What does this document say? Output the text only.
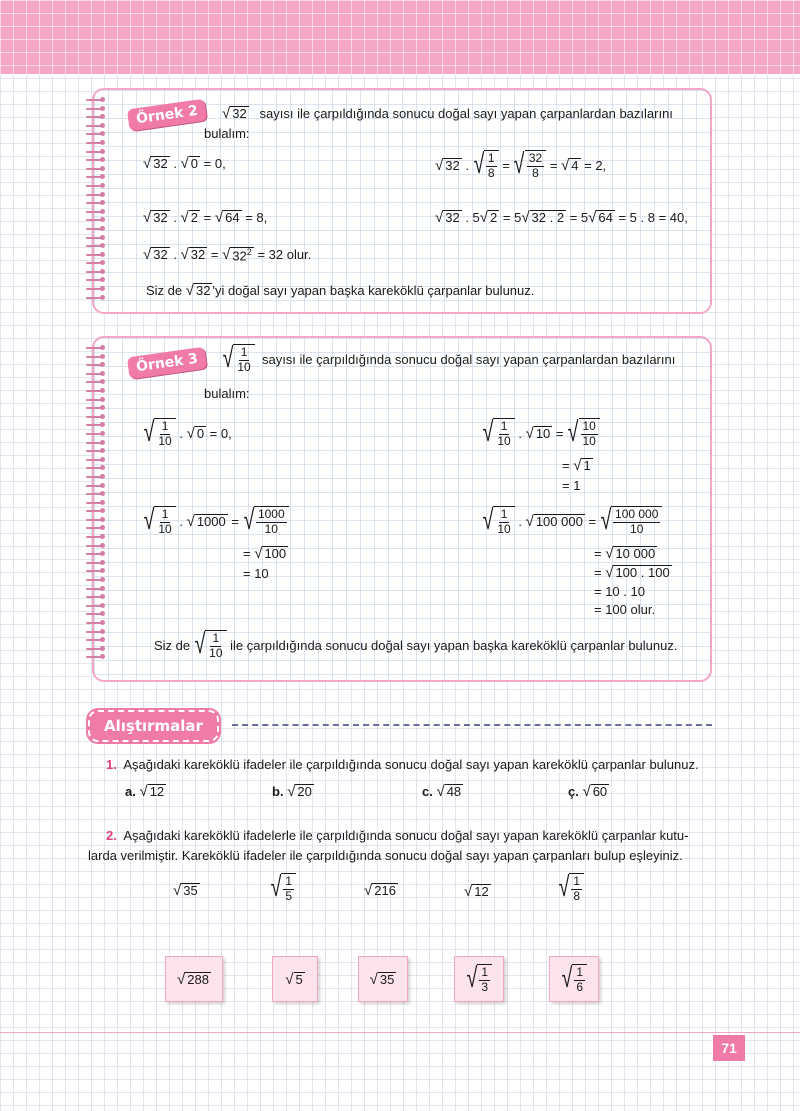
Örnek 2	√ 32 sayısı ile çarpıldığında sonucu doğal sayı yapan çarpanlardan bazılarını
bulalım:
√ 32 . √ 0
= 0,	√ 32 . √ $\frac{1}{8}$
=
√ $\frac{32}{8}$
=
√ 4
= 2,
√ 32 . √ 2
=
√ 64
= 8,	√ 32 . 5 √ 2
= 5 √ 32 . 2
= 5 √ 64
= 5 . 8 = 40,
√ 32 . √ 32
=
√ $32^2$
= 32 olur.
Siz de
√ 32 'yi doğal sayı yapan başka kareköklü çarpanlar bulunuz.
Örnek 3 √ $\frac{1}{10}$
sayısı ile çarpıldığında sonucu doğal sayı yapan çarpanlardan bazılarını
bulalım:
√ $\frac{1}{10}$ . √ 0
= 0,	√ $\frac{1}{10}$ . √ 10
=
√ $\frac{10}{10}$
=
√ 1
= 1
√ $\frac{1}{10}$ . √ 1000
=
√ $\frac{1000}{10}$
=
√ 100
= 10
√ $\frac{1}{10}$ . √ 100 000
=
√ $\frac{100 000}{10}$
=
√ 10 000
=
√ 100 . 100
= 10 . 10
= 100 olur.
Siz de
√ $\frac{1}{10}$
ile çarpıldığında sonucu doğal sayı yapan başka kareköklü çarpanlar bulunuz.
Alıştırmalar
1. Aşağıdaki kareköklü ifadeler ile çarpıldığında sonucu doğal sayı yapan kareköklü çarpanlar bulunuz.
a.
√ 12	b.
√ 20	c.
√ 48	ç.
√ 60
2. Aşağıdaki kareköklü ifadelerle ile çarpıldığında sonucu doğal sayı yapan kareköklü çarpanlar kutu-
larda verilmiştir. Kareköklü ifadeler ile çarpıldığında sonucu doğal sayı yapan çarpanları bulup eşleyiniz.
√ 35	√ $\frac{1}{5}$	√ 216	√ 12 √ $\frac{1}{8}$
√ 288	√ 5	√ 35	√ $\frac{1}{3}$	√ $\frac{1}{6}$
71
